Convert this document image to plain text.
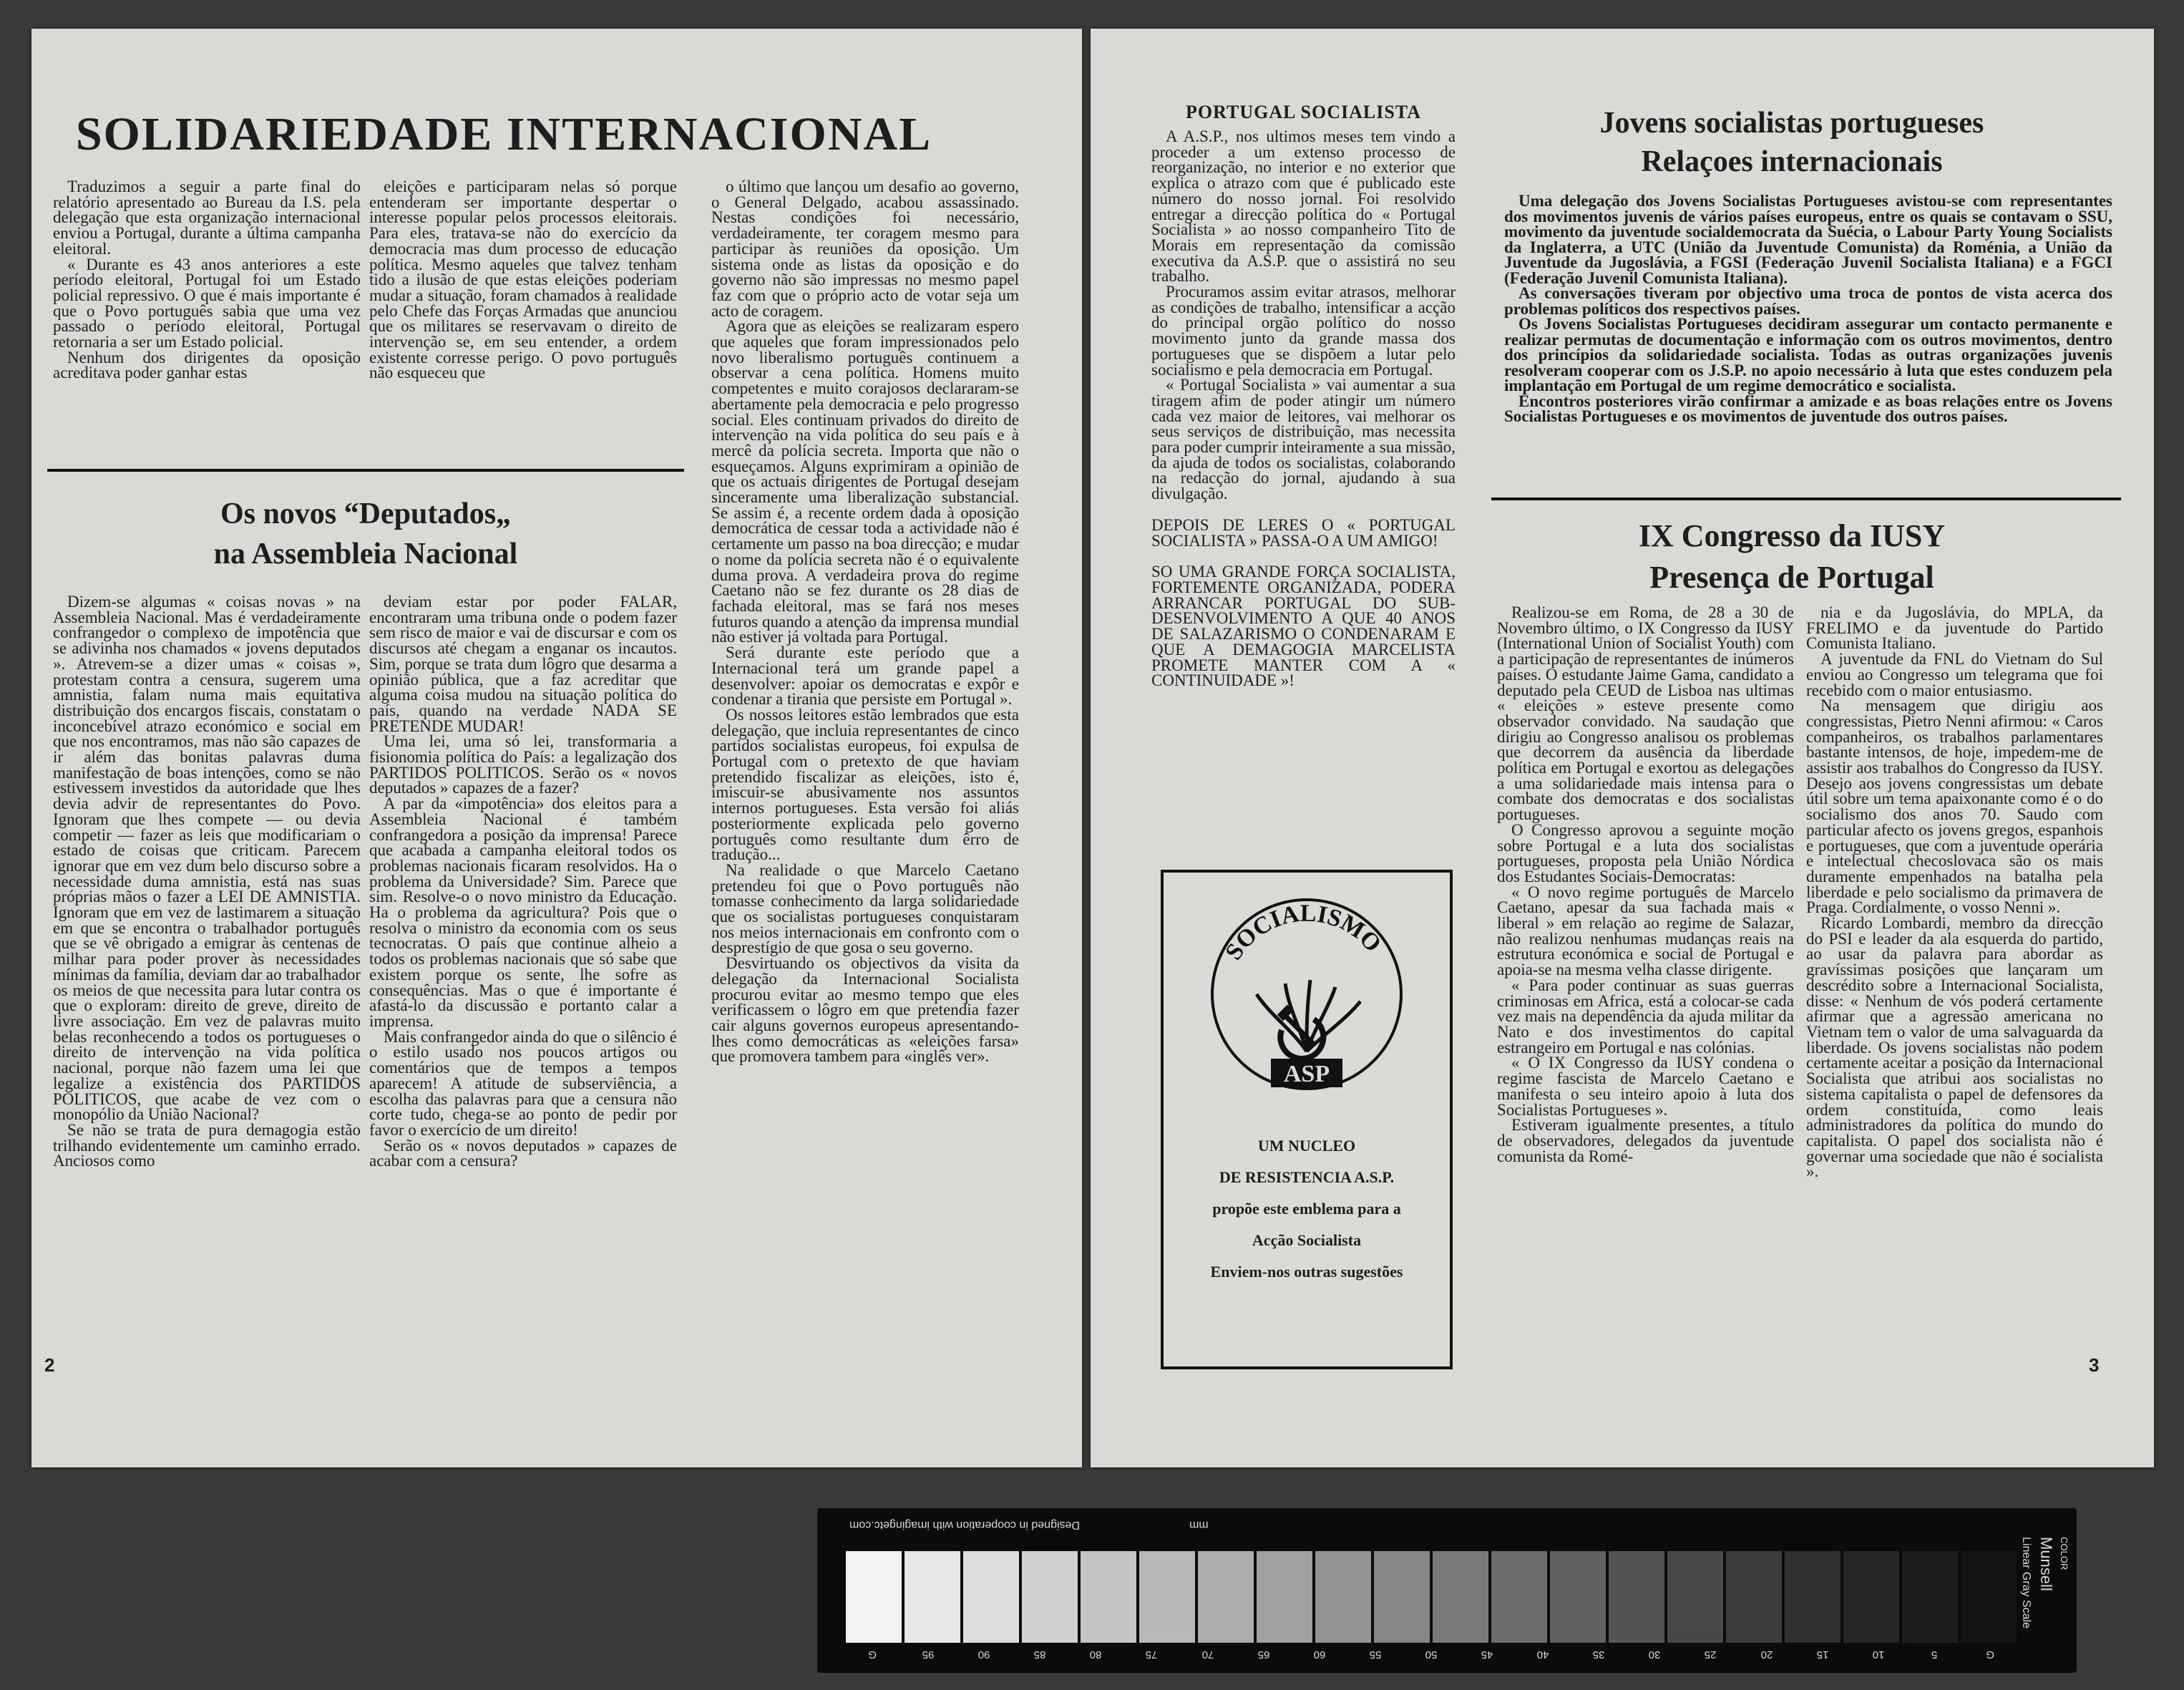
SOLIDARIEDADE INTERNACIONAL

Traduzimos a seguir a parte final do relatório apresentado ao Bureau da I.S. pela delegação que esta organização internacional enviou a Portugal, durante a última campanha eleitoral.

« Durante es 43 anos anteriores a este período eleitoral, Portugal foi um Estado policial repressivo. O que é mais importante é que o Povo português sabia que uma vez passado o período eleitoral, Portugal retornaria a ser um Estado policial.

Nenhum dos dirigentes da oposição acreditava poder ganhar estas

eleições e participaram nelas só porque entenderam ser importante despertar o interesse popular pelos processos eleitorais. Para eles, tratava-se não do exercício da democracia mas dum processo de educação política. Mesmo aqueles que talvez tenham tido a ilusão de que estas eleições poderiam mudar a situação, foram chamados à realidade pelo Chefe das Forças Armadas que anunciou que os militares se reservavam o direito de intervenção se, em seu entender, a ordem existente corresse perigo. O povo português não esqueceu que

Os novos “Deputados„
na Assembleia Nacional

Dizem-se algumas « coisas novas » na Assembleia Nacional. Mas é verdadeiramente confrangedor o complexo de impotência que se adivinha nos chamados « jovens deputados ». Atrevem-se a dizer umas « coisas », protestam contra a censura, sugerem uma amnistia, falam numa mais equitativa distribuição dos encargos fiscais, constatam o inconcebível atrazo económico e social em que nos encontramos, mas não são capazes de ir além das bonitas palavras duma manifestação de boas intenções, como se não estivessem investidos da autoridade que lhes devia advir de representantes do Povo. Ignoram que lhes compete — ou devia competir — fazer as leis que modificariam o estado de coisas que criticam. Parecem ignorar que em vez dum belo discurso sobre a necessidade duma amnistia, está nas suas próprias mãos o fazer a LEI DE AMNISTIA. Ignoram que em vez de lastimarem a situação em que se encontra o trabalhador português que se vê obrigado a emigrar às centenas de milhar para poder prover às necessidades mínimas da família, deviam dar ao trabalhador os meios de que necessita para lutar contra os que o exploram: direito de greve, direito de livre associação. Em vez de palavras muito belas reconhecendo a todos os portugueses o direito de intervenção na vida política nacional, porque não fazem uma lei que legalize a existência dos PARTIDOS POLITICOS, que acabe de vez com o monopólio da União Nacional?

Se não se trata de pura demagogia estão trilhando evidentemente um caminho errado. Anciosos como

deviam estar por poder FALAR, encontraram uma tribuna onde o podem fazer sem risco de maior e vai de discursar e com os discursos até chegam a enganar os incautos. Sim, porque se trata dum lôgro que desarma a opinião pública, que a faz acreditar que alguma coisa mudou na situação política do país, quando na verdade NADA SE PRETENDE MUDAR!

Uma lei, uma só lei, transformaria a fisionomia política do País: a legalização dos PARTIDOS POLITICOS. Serão os « novos deputados » capazes de a fazer?

A par da «impotência» dos eleitos para a Assembleia Nacional é também confrangedora a posição da imprensa! Parece que acabada a campanha eleitoral todos os problemas nacionais ficaram resolvidos. Ha o problema da Universidade? Sim. Parece que sim. Resolve-o o novo ministro da Educação. Ha o problema da agricultura? Pois que o resolva o ministro da economia com os seus tecnocratas. O país que continue alheio a todos os problemas nacionais que só sabe que existem porque os sente, lhe sofre as consequências. Mas o que é importante é afastá-lo da discussão e portanto calar a imprensa.

Mais confrangedor ainda do que o silêncio é o estilo usado nos poucos artigos ou comentários que de tempos a tempos aparecem! A atitude de subserviência, a escolha das palavras para que a censura não corte tudo, chega-se ao ponto de pedir por favor o exercício de um direito!

Serão os « novos deputados » capazes de acabar com a censura?

o último que lançou um desafio ao governo, o General Delgado, acabou assassinado. Nestas condições foi necessário, verdadeiramente, ter coragem mesmo para participar às reuniões da oposição. Um sistema onde as listas da oposição e do governo não são impressas no mesmo papel faz com que o próprio acto de votar seja um acto de coragem.

Agora que as eleições se realizaram espero que aqueles que foram impressionados pelo novo liberalismo português continuem a observar a cena política. Homens muito competentes e muito corajosos declararam-se abertamente pela democracia e pelo progresso social. Eles continuam privados do direito de intervenção na vida política do seu país e à mercê da polícia secreta. Importa que não o esqueçamos. Alguns exprimiram a opinião de que os actuais dirigentes de Portugal desejam sinceramente uma liberalização substancial. Se assim é, a recente ordem dada à oposição democrática de cessar toda a actividade não é certamente um passo na boa direcção; e mudar o nome da polícia secreta não é o equivalente duma prova. A verdadeira prova do regime Caetano não se fez durante os 28 dias de fachada eleitoral, mas se fará nos meses futuros quando a atenção da imprensa mundial não estiver já voltada para Portugal.

Será durante este período que a Internacional terá um grande papel a desenvolver: apoiar os democratas e expôr e condenar a tirania que persiste em Portugal ».

Os nossos leitores estão lembrados que esta delegação, que incluia representantes de cinco partidos socialistas europeus, foi expulsa de Portugal com o pretexto de que haviam pretendido fiscalizar as eleições, isto é, imiscuir-se abusivamente nos assuntos internos portugueses. Esta versão foi aliás posteriormente explicada pelo governo português como resultante dum êrro de tradução...

Na realidade o que Marcelo Caetano pretendeu foi que o Povo português não tomasse conhecimento da larga solidariedade que os socialistas portugueses conquistaram nos meios internacionais em confronto com o desprestígio de que gosa o seu governo.

Desvirtuando os objectivos da visita da delegação da Internacional Socialista procurou evitar ao mesmo tempo que eles verificassem o lôgro em que pretendia fazer cair alguns governos europeus apresentando-lhes como democráticas as «eleições farsa» que promovera tambem para «inglês ver».

2
PORTUGAL SOCIALISTA

A A.S.P., nos ultimos meses tem vindo a proceder a um extenso processo de reorganização, no interior e no exterior que explica o atrazo com que é publicado este número do nosso jornal. Foi resolvido entregar a direcção política do « Portugal Socialista » ao nosso companheiro Tito de Morais em representação da comissão executiva da A.S.P. que o assistirá no seu trabalho.

Procuramos assim evitar atrasos, melhorar as condições de trabalho, intensificar a acção do principal orgão político do nosso movimento junto da grande massa dos portugueses que se dispõem a lutar pelo socialismo e pela democracia em Portugal.

« Portugal Socialista » vai aumentar a sua tiragem afim de poder atingir um número cada vez maior de leitores, vai melhorar os seus serviços de distribuição, mas necessita para poder cumprir inteiramente a sua missão, da ajuda de todos os socialistas, colaborando na redacção do jornal, ajudando à sua divulgação.

DEPOIS DE LERES O « PORTUGAL SOCIALISTA » PASSA-O A UM AMIGO!

SO UMA GRANDE FORÇA SOCIALISTA, FORTEMENTE ORGANIZADA, PODERA ARRANCAR PORTUGAL DO SUB-DESENVOLVIMENTO A QUE 40 ANOS DE SALAZARISMO O CONDENARAM E QUE A DEMAGOGIA MARCELISTA PROMETE MANTER COM A « CONTINUIDADE »!

SOCIALISMO
ASP
UM NUCLEO
DE RESISTENCIA A.S.P.
propõe este emblema para a
Acção Socialista
Enviem-nos outras sugestões
Jovens socialistas portugueses
Relaçoes internacionais

Uma delegação dos Jovens Socialistas Portugueses avistou-se com representantes dos movimentos juvenis de vários países europeus, entre os quais se contavam o SSU, movimento da juventude socialdemocrata da Suécia, o Labour Party Young Socialists da Inglaterra, a UTC (União da Juventude Comunista) da Roménia, a União da Juventude da Jugoslávia, a FGSI (Federação Juvenil Socialista Italiana) e a FGCI (Federação Juvenil Comunista Italiana).

As conversações tiveram por objectivo uma troca de pontos de vista acerca dos problemas políticos dos respectivos países.

Os Jovens Socialistas Portugueses decidiram assegurar um contacto permanente e realizar permutas de documentação e informação com os outros movimentos, dentro dos princípios da solidariedade socialista. Todas as outras organizações juvenis resolveram cooperar com os J.S.P. no apoio necessário à luta que estes conduzem pela implantação em Portugal de um regime democrático e socialista.

Encontros posteriores virão confirmar a amizade e as boas relações entre os Jovens Socialistas Portugueses e os movimentos de juventude dos outros países.

IX Congresso da IUSY
Presença de Portugal

Realizou-se em Roma, de 28 a 30 de Novembro último, o IX Congresso da IUSY (International Union of Socialist Youth) com a participação de representantes de inúmeros países. O estudante Jaime Gama, candidato a deputado pela CEUD de Lisboa nas ultimas « eleições » esteve presente como observador convidado. Na saudação que dirigiu ao Congresso analisou os problemas que decorrem da ausência da liberdade política em Portugal e exortou as delegações a uma solidariedade mais intensa para o combate dos democratas e dos socialistas portugueses.

O Congresso aprovou a seguinte moção sobre Portugal e a luta dos socialistas portugueses, proposta pela União Nórdica dos Estudantes Sociais-Democratas:

« O novo regime português de Marcelo Caetano, apesar da sua fachada mais « liberal » em relação ao regime de Salazar, não realizou nenhumas mudanças reais na estrutura económica e social de Portugal e apoia-se na mesma velha classe dirigente.

« Para poder continuar as suas guerras criminosas em Africa, está a colocar-se cada vez mais na dependência da ajuda militar da Nato e dos investimentos do capital estrangeiro em Portugal e nas colónias.

« O IX Congresso da IUSY condena o regime fascista de Marcelo Caetano e manifesta o seu inteiro apoio à luta dos Socialistas Portugueses ».

Estiveram igualmente presentes, a título de observadores, delegados da juventude comunista da Romé-

nia e da Jugoslávia, do MPLA, da FRELIMO e da juventude do Partido Comunista Italiano.

A juventude da FNL do Vietnam do Sul enviou ao Congresso um telegrama que foi recebido com o maior entusiasmo.

Na mensagem que dirigiu aos congressistas, Pietro Nenni afirmou: « Caros companheiros, os trabalhos parlamentares bastante intensos, de hoje, impedem-me de assistir aos trabalhos do Congresso da IUSY. Desejo aos jovens congressistas um debate útil sobre um tema apaixonante como é o do socialismo dos anos 70. Saudo com particular afecto os jovens gregos, espanhois e portugueses, que com a juventude operária e intelectual checoslovaca são os mais duramente empenhados na batalha pela liberdade e pelo socialismo da primavera de Praga. Cordialmente, o vosso Nenni ».

Ricardo Lombardi, membro da direcção do PSI e leader da ala esquerda do partido, ao usar da palavra para abordar as gravíssimas posições que lançaram um descrédito sobre a Internacional Socialista, disse: « Nenhum de vós poderá certamente afirmar que a agressão americana no Vietnam tem o valor de uma salvaguarda da liberdade. Os jovens socialistas não podem certamente aceitar a posição da Internacional Socialista que atribui aos socialistas no sistema capitalista o papel de defensores da ordem constituída, como leais administradores da política do mundo do capitalista. O papel dos socialista não é governar uma sociedade que não é socialista ».

3
Designed in cooperation with imagingetc.com	mm
G	95	90	85	80	75	70	65	60	55	50	45	40	35	30	25	20	15	10	5	G
Munsell COLOR
Linear Gray Scale
